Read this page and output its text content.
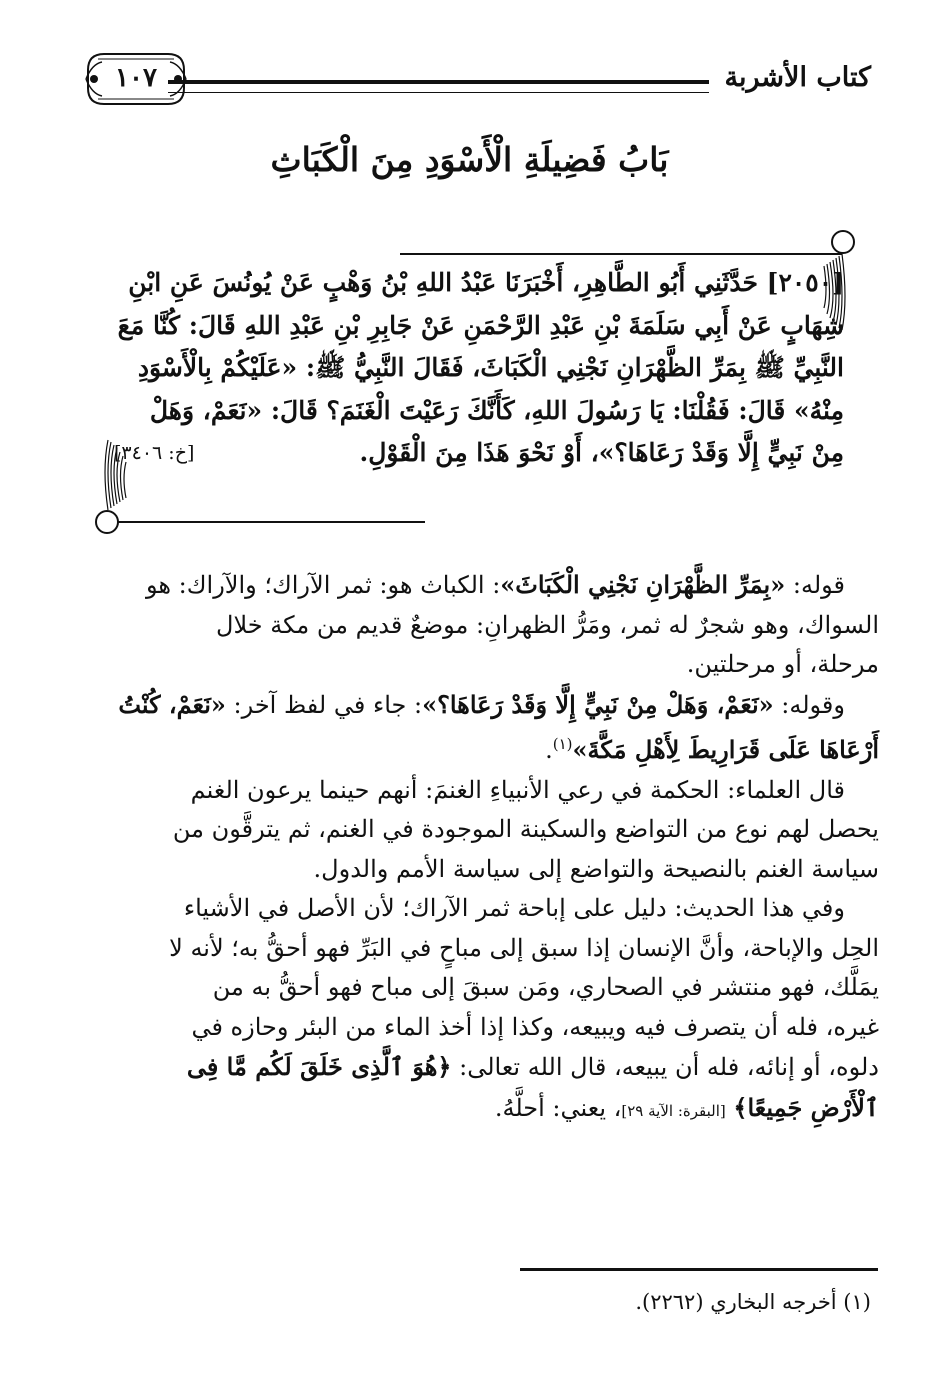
كتاب الأشربة
١٠٧
بَابُ فَضِيلَةِ الْأَسْوَدِ مِنَ الْكَبَاثِ
[٢٠٥٠] حَدَّثَنِي أَبُو الطَّاهِرِ، أَخْبَرَنَا عَبْدُ اللهِ بْنُ وَهْبٍ عَنْ يُونُسَ عَنِ ابْنِ
شِهَابٍ عَنْ أَبِي سَلَمَةَ بْنِ عَبْدِ الرَّحْمَنِ عَنْ جَابِرِ بْنِ عَبْدِ اللهِ قَالَ: كُنَّا مَعَ
النَّبِيِّ ﷺ بِمَرِّ الظَّهْرَانِ نَجْنِي الْكَبَاثَ، فَقَالَ النَّبِيُّ ﷺ: «عَلَيْكُمْ بِالْأَسْوَدِ
مِنْهُ» قَالَ: فَقُلْنَا: يَا رَسُولَ اللهِ، كَأَنَّكَ رَعَيْتَ الْغَنَمَ؟ قَالَ: «نَعَمْ، وَهَلْ
مِنْ نَبِيٍّ إِلَّا وَقَدْ رَعَاهَا؟»، أَوْ نَحْوَ هَذَا مِنَ الْقَوْلِ.
[خ: ٣٤٠٦]
قوله: «بِمَرِّ الظَّهْرَانِ نَجْنِي الْكَبَاثَ»: الكباث هو: ثمر الآراك؛ والآراك: هو
السواك، وهو شجرٌ له ثمر، ومَرُّ الظهرانِ: موضعٌ قديم من مكة خلال
مرحلة، أو مرحلتين.
وقوله: «نَعَمْ، وَهَلْ مِنْ نَبِيٍّ إِلَّا وَقَدْ رَعَاهَا؟»: جاء في لفظ آخر: «نَعَمْ، كُنْتُ
أَرْعَاهَا عَلَى قَرَارِيطَ لِأَهْلِ مَكَّةَ»$^{(١)}$.
قال العلماء: الحكمة في رعي الأنبياءِ الغنمَ: أنهم حينما يرعون الغنم
يحصل لهم نوع من التواضع والسكينة الموجودة في الغنم، ثم يترقَّون من
سياسة الغنم بالنصيحة والتواضع إلى سياسة الأمم والدول.
وفي هذا الحديث: دليل على إباحة ثمر الآراك؛ لأن الأصل في الأشياء
الحِل والإباحة، وأنَّ الإنسان إذا سبق إلى مباحٍ في البَرِّ فهو أحقُّ به؛ لأنه لا
يمَلَّك، فهو منتشر في الصحاري، ومَن سبقَ إلى مباح فهو أحقُّ به من
غيره، فله أن يتصرف فيه ويبيعه، وكذا إذا أخذ الماء من البئر وحازه في
دلوه، أو إنائه، فله أن يبيعه، قال الله تعالى: ﴿هُوَ ٱلَّذِى خَلَقَ لَكُم مَّا فِى
ٱلْأَرْضِ جَمِيعًا﴾ [البقرة: الآية ٢٩]، يعني: أحلَّهُ.
(١) أخرجه البخاري (٢٢٦٢).
